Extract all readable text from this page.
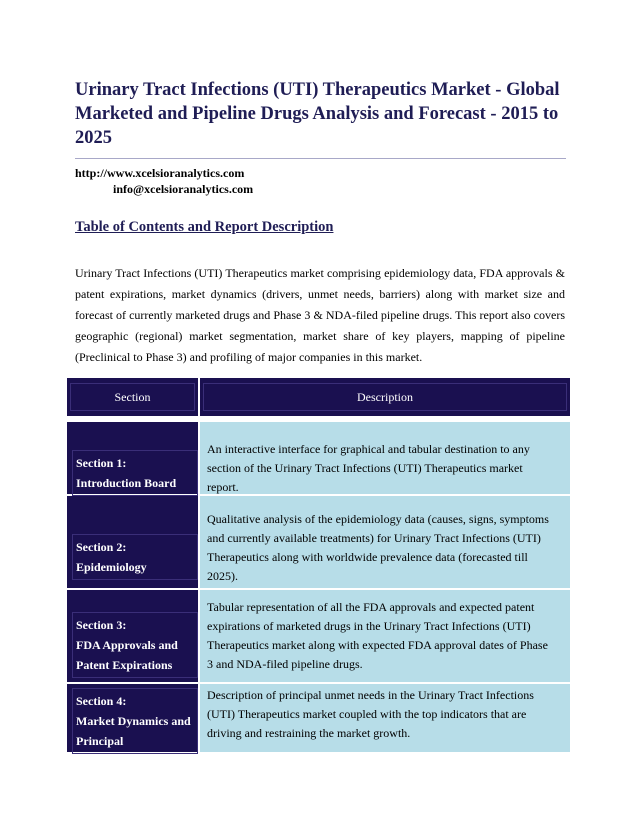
Urinary Tract Infections (UTI) Therapeutics Market - Global Marketed and Pipeline Drugs Analysis and Forecast - 2015 to 2025
http://www.xcelsioranalytics.com
info@xcelsioranalytics.com
Table of Contents and Report Description

Urinary Tract Infections (UTI) Therapeutics market comprising epidemiology data, FDA approvals & patent expirations, market dynamics (drivers, unmet needs, barriers) along with market size and forecast of currently marketed drugs and Phase 3 & NDA-filed pipeline drugs. This report also covers geographic (regional) market segmentation, market share of key players, mapping of pipeline (Preclinical to Phase 3) and profiling of major companies in this market.

Section	Description
Section 1:
Introduction Board
An interactive interface for graphical and tabular destination to any section of the Urinary Tract Infections (UTI) Therapeutics market report.
Section 2:
Epidemiology
Qualitative analysis of the epidemiology data (causes, signs, symptoms and currently available treatments) for Urinary Tract Infections (UTI) Therapeutics along with worldwide prevalence data (forecasted till 2025).
Section 3:
FDA Approvals and Patent Expirations
Tabular representation of all the FDA approvals and expected patent expirations of marketed drugs in the Urinary Tract Infections (UTI) Therapeutics market along with expected FDA approval dates of Phase 3 and NDA-filed pipeline drugs.
Section 4:
Market Dynamics and Principal
Description of principal unmet needs in the Urinary Tract Infections (UTI) Therapeutics market coupled with the top indicators that are driving and restraining the market growth.
